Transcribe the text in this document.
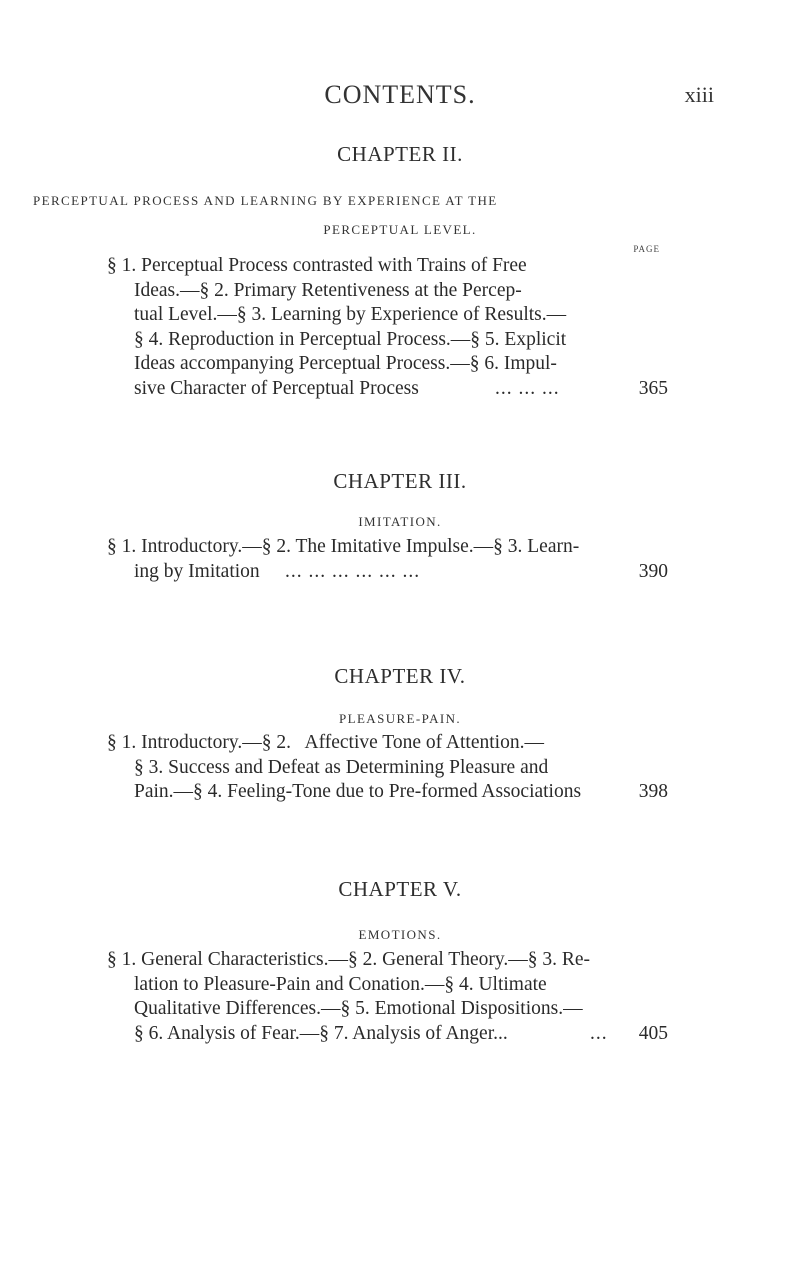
CONTENTS.	xiii
CHAPTER II.
PERCEPTUAL PROCESS AND LEARNING BY EXPERIENCE AT THE
PERCEPTUAL LEVEL.
PAGE
§ 1. Perceptual Process contrasted with Trains of Free
Ideas.—§ 2. Primary Retentiveness at the Percep-
tual Level.—§ 3. Learning by Experience of Results.—
§ 4. Reproduction in Perceptual Process.—§ 5. Explicit
Ideas accompanying Perceptual Process.—§ 6. Impul-
sive Character of Perceptual Process	... ... ...	365
CHAPTER III.
IMITATION.
§ 1. Introductory.—§ 2. The Imitative Impulse.—§ 3. Learn-
ing by Imitation ... ... ... ... ... ...	390
CHAPTER IV.
PLEASURE-PAIN.
§ 1. Introductory.—§ 2.   Affective Tone of Attention.—
§ 3. Success and Defeat as Determining Pleasure and
Pain.—§ 4. Feeling-Tone due to Pre-formed Associations	398
CHAPTER V.
EMOTIONS.
§ 1. General Characteristics.—§ 2. General Theory.—§ 3. Re-
lation to Pleasure-Pain and Conation.—§ 4. Ultimate
Qualitative Differences.—§ 5. Emotional Dispositions.—
§ 6. Analysis of Fear.—§ 7. Analysis of Anger...	... 405
